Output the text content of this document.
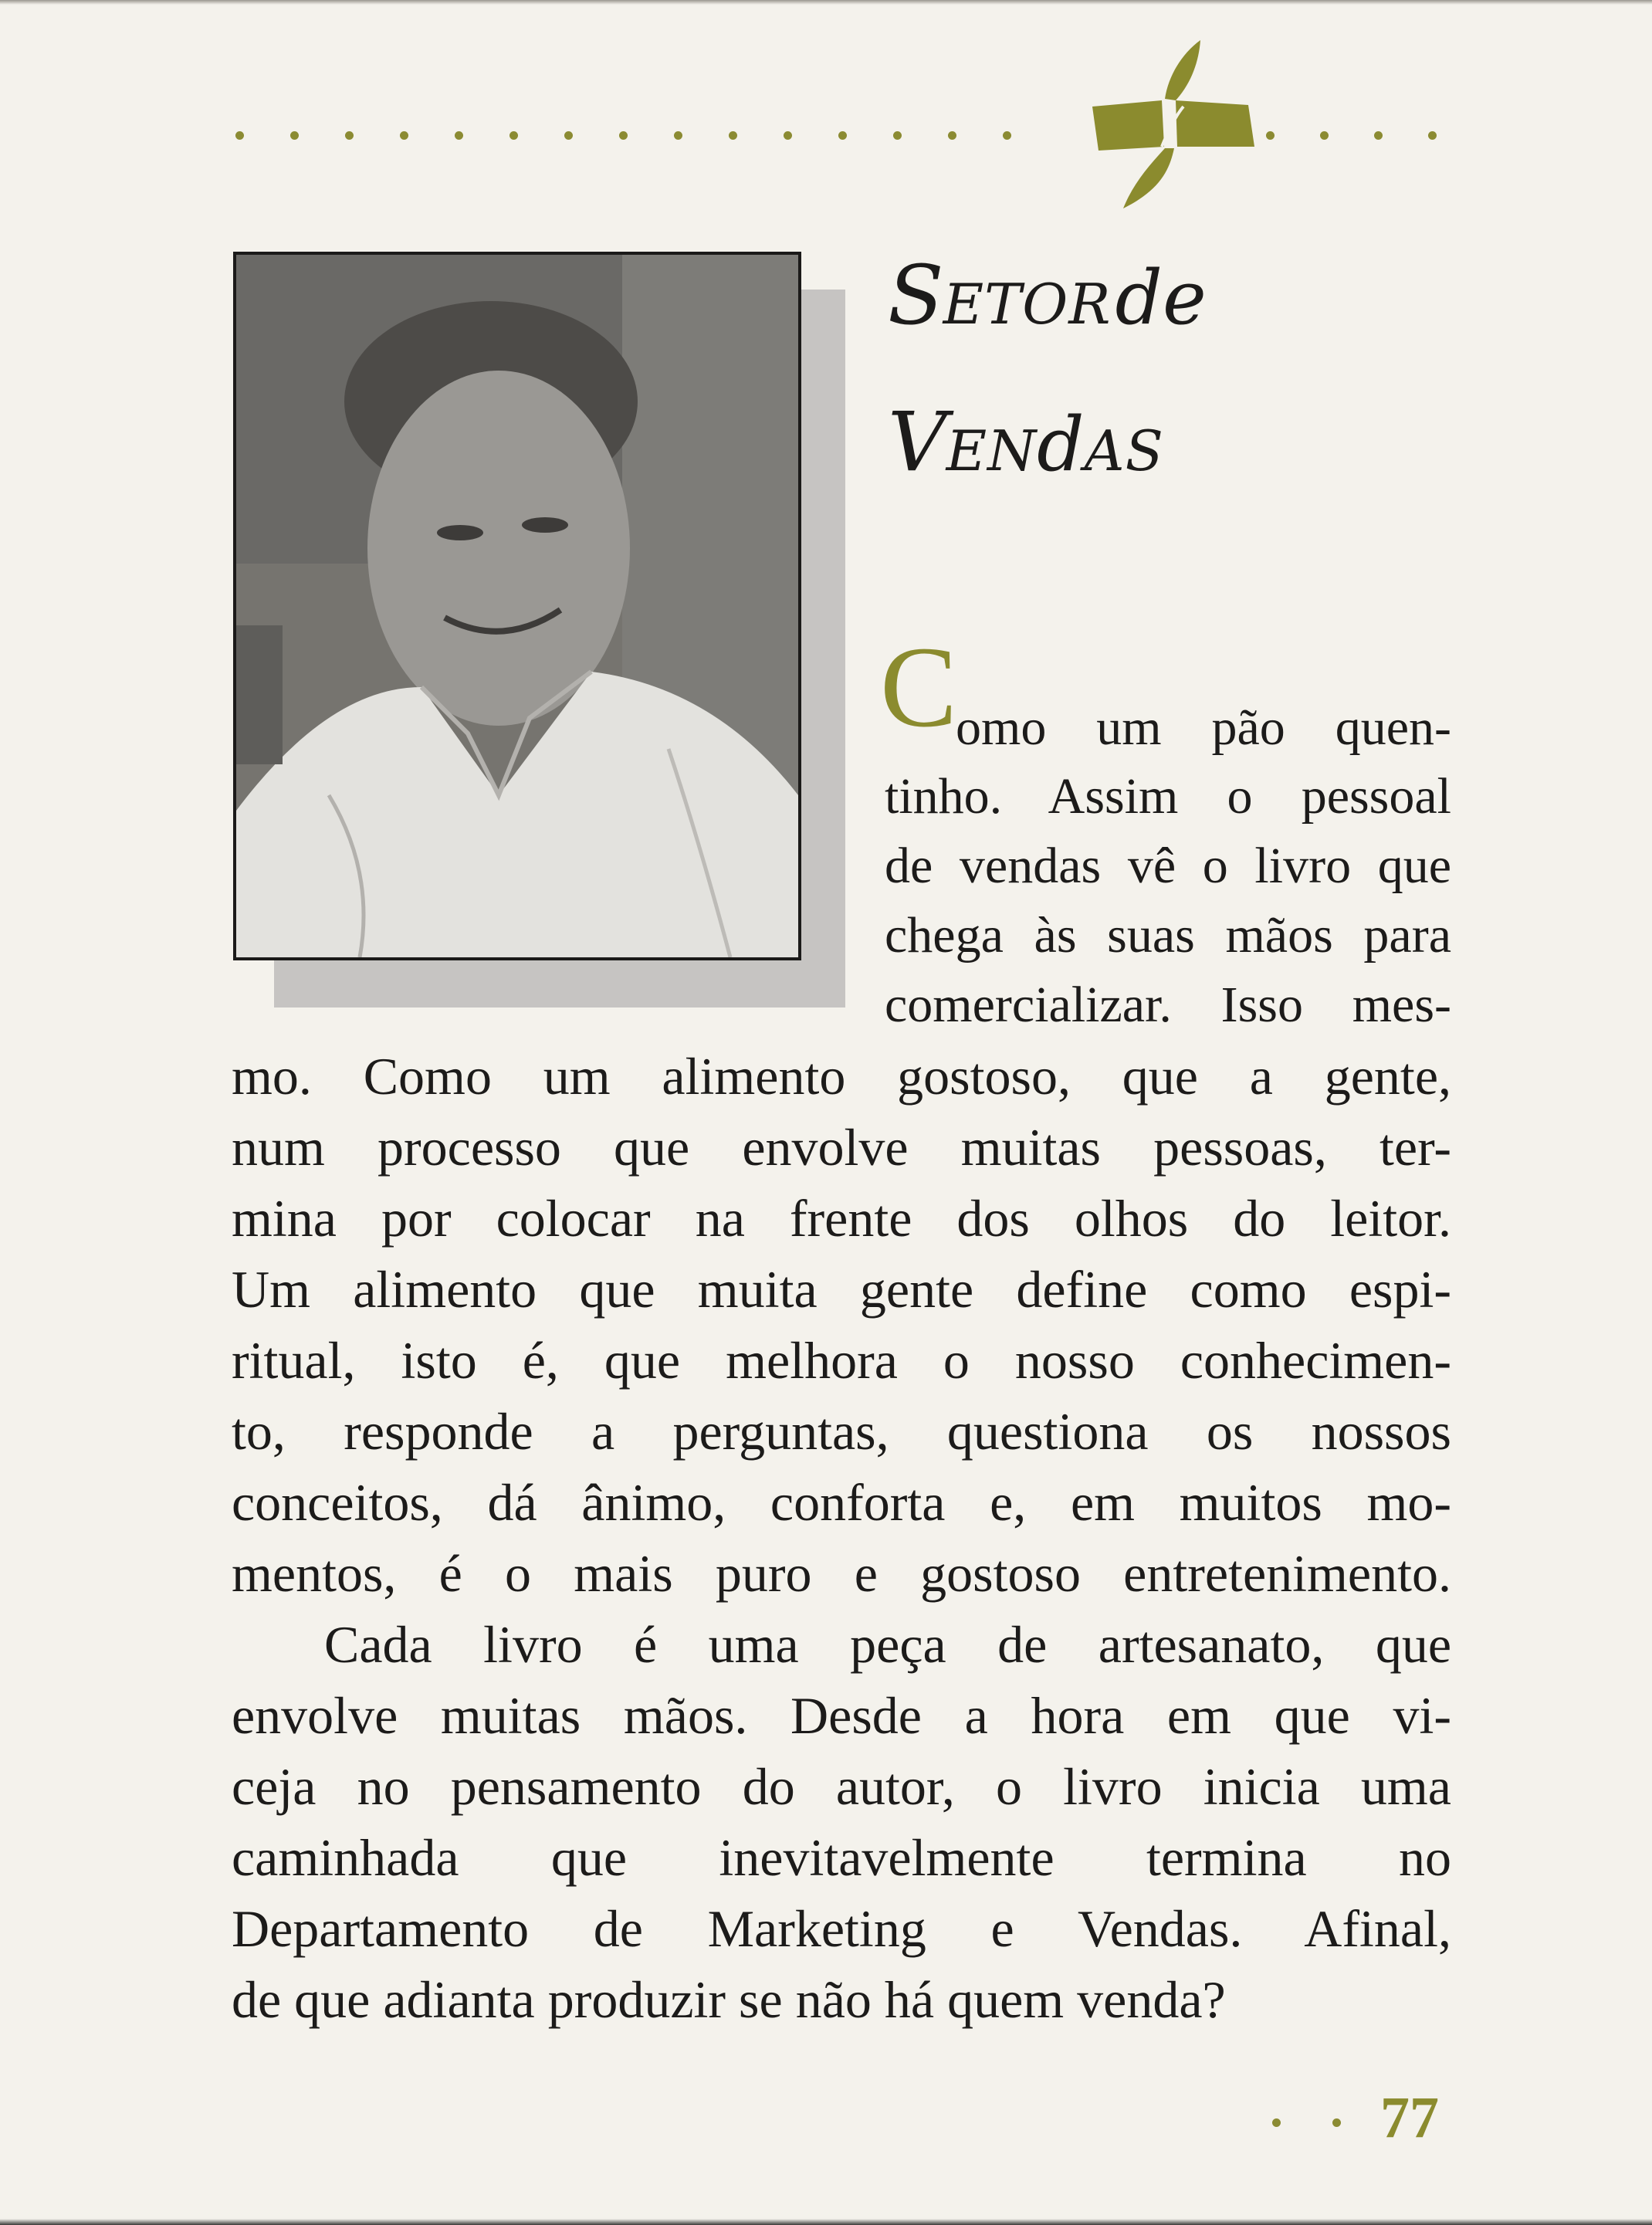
SETOR de
VENdAS
C
omo um pão quen-
tinho. Assim o pessoal
de vendas vê o livro que
chega às suas mãos para
comercializar. Isso mes-
mo. Como um alimento gostoso, que a gente,
num processo que envolve muitas pessoas, ter-
mina por colocar na frente dos olhos do leitor.
Um alimento que muita gente define como espi-
ritual, isto é, que melhora o nosso conhecimen-
to, responde a perguntas, questiona os nossos
conceitos, dá ânimo, conforta e, em muitos mo-
mentos, é o mais puro e gostoso entretenimento.
Cada livro é uma peça de artesanato, que
envolve muitas mãos. Desde a hora em que vi-
ceja no pensamento do autor, o livro inicia uma
caminhada que inevitavelmente termina no
Departamento de Marketing e Vendas. Afinal,
de que adianta produzir se não há quem venda?
77
